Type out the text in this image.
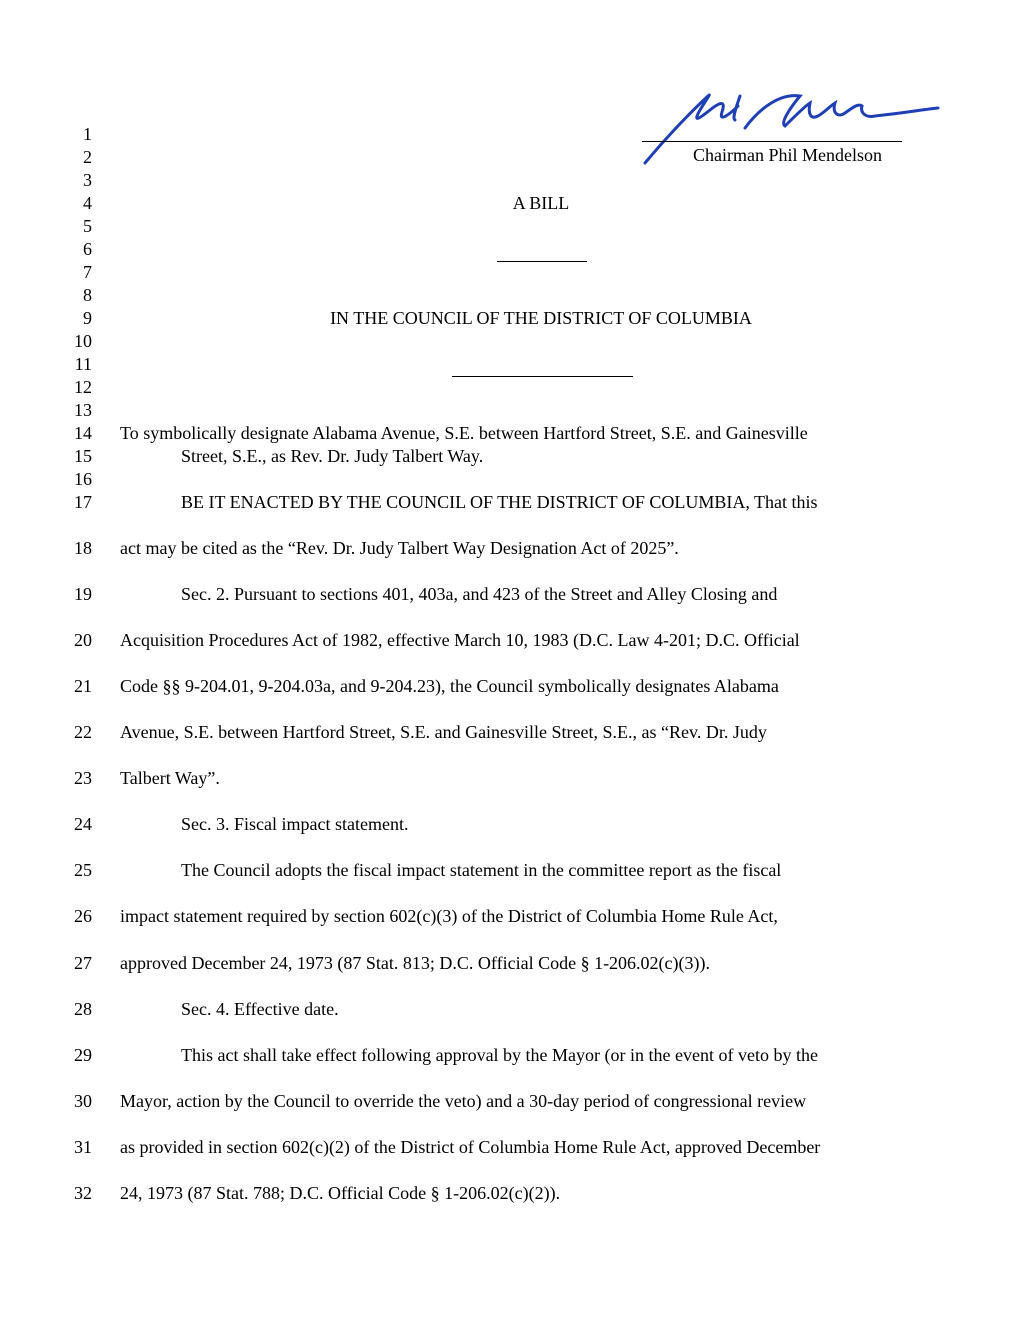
Chairman Phil Mendelson
1
2
3
4
5
6
7
8
9
10
11
12
13
14
15
16
17
18
19
20
21
22
23
24
25
26
27
28
29
30
31
32
A BILL
IN THE COUNCIL OF THE DISTRICT OF COLUMBIA
To symbolically designate Alabama Avenue, S.E. between Hartford Street, S.E. and Gainesville
Street, S.E., as Rev. Dr. Judy Talbert Way.
BE IT ENACTED BY THE COUNCIL OF THE DISTRICT OF COLUMBIA, That this
act may be cited as the “Rev. Dr. Judy Talbert Way Designation Act of 2025”.
Sec. 2. Pursuant to sections 401, 403a, and 423 of the Street and Alley Closing and
Acquisition Procedures Act of 1982, effective March 10, 1983 (D.C. Law 4-201; D.C. Official
Code §§ 9-204.01, 9-204.03a, and 9-204.23), the Council symbolically designates Alabama
Avenue, S.E. between Hartford Street, S.E. and Gainesville Street, S.E., as “Rev. Dr. Judy
Talbert Way”.
Sec. 3. Fiscal impact statement.
The Council adopts the fiscal impact statement in the committee report as the fiscal
impact statement required by section 602(c)(3) of the District of Columbia Home Rule Act,
approved December 24, 1973 (87 Stat. 813; D.C. Official Code § 1-206.02(c)(3)).
Sec. 4. Effective date.
This act shall take effect following approval by the Mayor (or in the event of veto by the
Mayor, action by the Council to override the veto) and a 30-day period of congressional review
as provided in section 602(c)(2) of the District of Columbia Home Rule Act, approved December
24, 1973 (87 Stat. 788; D.C. Official Code § 1-206.02(c)(2)).
